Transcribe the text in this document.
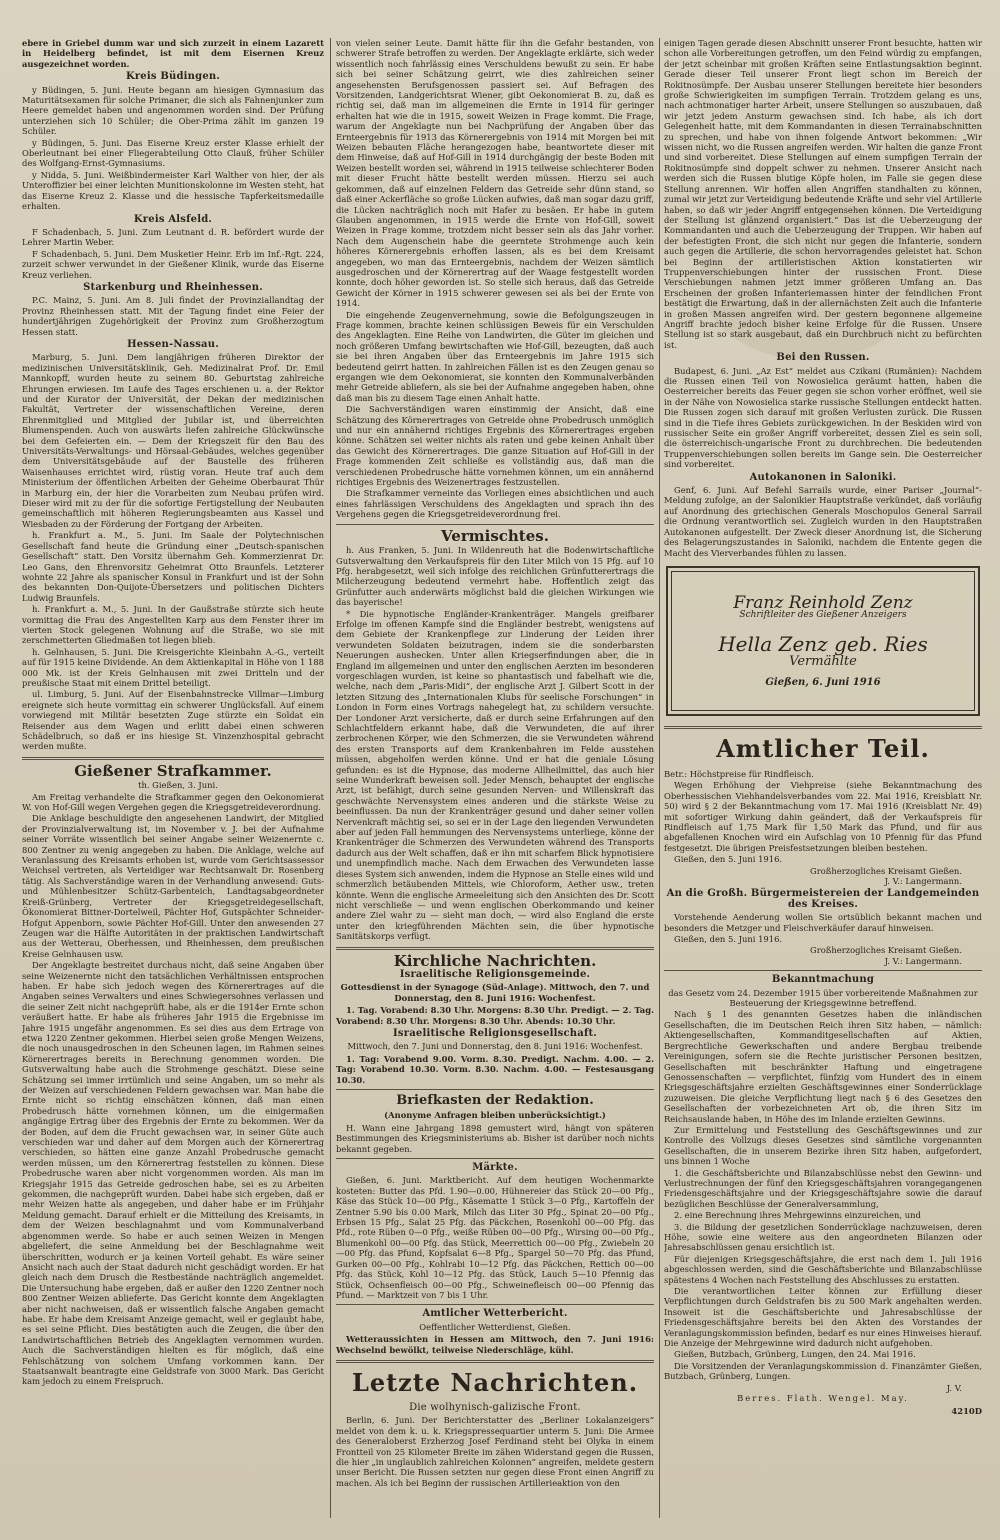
ebere in Griebel dumm war und sich zurzeit in einem Lazarett in Heidelberg befindet, ist mit dem Eisernen Kreuz ausgezeichnet worden.

Kreis Büdingen.

y Büdingen, 5. Juni. Heute begann am hiesigen Gymnasium das Maturitätsexamen für solche Primaner, die sich als Fahnenjunker zum Heere gemeldet haben und angenommen worden sind. Der Prüfung unterziehen sich 10 Schüler; die Ober-Prima zählt im ganzen 19 Schüler.

y Büdingen, 5. Juni. Das Eiserne Kreuz erster Klasse erhielt der Oberleutnant bei einer Fliegerabteilung Otto Clauß, früher Schüler des Wolfgang-Ernst-Gymnasiums.

y Nidda, 5. Juni. Weißbindermeister Karl Walther von hier, der als Unteroffizier bei einer leichten Munitionskolonne im Westen steht, hat das Eiserne Kreuz 2. Klasse und die hessische Tapferkeitsmedaille erhalten.

Kreis Alsfeld.

F Schadenbach, 5. Juni. Zum Leutnant d. R. befördert wurde der Lehrer Martin Weber.

F Schadenbach, 5. Juni. Dem Musketier Heinr. Erb im Inf.-Rgt. 224, zurzeit schwer verwundet in der Gießener Klinik, wurde das Eiserne Kreuz verliehen.

Starkenburg und Rheinhessen.

P.C. Mainz, 5. Juni. Am 8. Juli findet der Provinziallandtag der Provinz Rheinhessen statt. Mit der Tagung findet eine Feier der hundertjährigen Zugehörigkeit der Provinz zum Großherzogtum Hessen statt.

Hessen-Nassau.

Marburg, 5. Juni. Dem langjährigen früheren Direktor der medizinischen Universitätsklinik, Geh. Medizinalrat Prof. Dr. Emil Mannkopff, wurden heute zu seinem 80. Geburtstag zahlreiche Ehrungen erwiesen. Im Laufe des Tages erschienen u. a. der Rektor und der Kurator der Universität, der Dekan der medizinischen Fakultät, Vertreter der wissenschaftlichen Vereine, deren Ehrenmitglied und Mitglied der Jubilar ist, und überreichten Blumenspenden. Auch von auswärts liefen zahlreiche Glückwünsche bei dem Gefeierten ein. — Dem der Kriegszeit für den Bau des Universitäts-Verwaltungs- und Hörsaal-Gebäudes, welches gegenüber dem Universitätsgebäude auf der Baustelle des früheren Waisenhauses errichtet wird, rüstig voran. Heute traf auch dem Ministerium der öffentlichen Arbeiten der Geheime Oberbaurat Thür in Marburg ein, der hier die Vorarbeiten zum Neubau prüfen wird. Dieser wird mit zu der für die sofortige Fertigstellung der Neubauten gemeinschaftlich mit höheren Regierungsbeamten aus Kassel und Wiesbaden zu der Förderung der Fortgang der Arbeiten.

h. Frankfurt a. M., 5. Juni. Im Saale der Polytechnischen Gesellschaft fand heute die Gründung einer „Deutsch-spanischen Gesellschaft“ statt. Den Vorsitz übernahm Geh. Kommerzienrat Dr. Leo Gans, den Ehrenvorsitz Geheimrat Otto Braunfels. Letzterer wohnte 22 Jahre als spanischer Konsul in Frankfurt und ist der Sohn des bekannten Don-Quijote-Übersetzers und politischen Dichters Ludwig Braunfels.

h. Frankfurt a. M., 5. Juni. In der Gaußstraße stürzte sich heute vormittag die Frau des Angestellten Karp aus dem Fenster ihrer im vierten Stock gelegenen Wohnung auf die Straße, wo sie mit zerschmetterten Gliedmaßen tot liegen blieb.

h. Gelnhausen, 5. Juni. Die Kreisgerichte Kleinbahn A.-G., verteilt auf für 1915 keine Dividende. An dem Aktienkapital in Höhe von 1 188 000 Mk. ist der Kreis Gelnhausen mit zwei Dritteln und der preußische Staat mit einem Drittel beteiligt.

ul. Limburg, 5. Juni. Auf der Eisenbahnstrecke Villmar—Limburg ereignete sich heute vormittag ein schwerer Unglücksfall. Auf einem vorwiegend mit Militär besetzten Zuge stürzte ein Soldat ein Reisender aus dem Wagen und erlitt dabei einen schweren Schädelbruch, so daß er ins hiesige St. Vinzenzhospital gebracht werden mußte.

Gießener Strafkammer.

th. Gießen, 3. Juni.

Am Freitag verhandelte die Strafkammer gegen den Oekonomierat W. von Hof-Gill wegen Vergehen gegen die Kriegsgetreideverordnung.

Die Anklage beschuldigte den angesehenen Landwirt, der Mitglied der Provinzialverwaltung ist, im November v. J. bei der Aufnahme seiner Vorräte wissentlich bei seiner Angabe seiner Weizenernte c. 800 Zentner zu wenig angegeben zu haben. Die Anklage, welche auf Veranlassung des Kreisamts erhoben ist, wurde vom Gerichtsassessor Weichsel vertreten, als Verteidiger war Rechtsanwalt Dr. Rosenberg tätig. Als Sachverständige waren in der Verhandlung anwesend: Guts- und Mühlenbesitzer Schütz-Garbenteich, Landtagsabgeordneter Kreiß-Grünberg, Vertreter der Kriegsgetreidegesellschaft, Ökonomierat Bittner-Dortelweil, Pächter Hof, Gutspächter Schneider-Hofgut Appenborn, sowie Pächter Hof-Gill. Unter den anwesenden 27 Zeugen war die Hälfte Autoritäten in der praktischen Landwirtschaft aus der Wetterau, Oberhessen, und Rheinhessen, dem preußischen Kreise Gelnhausen usw.

Der Angeklagte bestreitet durchaus nicht, daß seine Angaben über seine Weizenernte nicht den tatsächlichen Verhältnissen entsprochen haben. Er habe sich jedoch wegen des Körnerertrages auf die Angaben seines Verwalters und eines Schwiegersohnes verlassen und die seiner Zeit nicht nachgeprüft habe, als er die 1914er Ernte schon veräußert hatte. Er habe als früheres Jahr 1915 die Ergebnisse im Jahre 1915 ungefähr angenommen. Es sei dies aus dem Ertrage von etwa 1220 Zentner gekommen. Hierbei seien große Mengen Weizens, die noch unausgedroschen in den Scheunen lagen, im Rahmen seines Körnerertrages bereits in Berechnung genommen worden. Die Gutsverwaltung habe auch die Strohmenge geschätzt. Diese seine Schätzung sei immer irrtümlich und seine Angaben, um so mehr als der Weizen auf verschiedenen Feldern gewachsen war. Man habe die Ernte nicht so richtig einschätzen können, daß man einen Probedrusch hätte vornehmen können, um die einigermaßen angängige Ertrag über des Ergebnis der Ernte zu bekommen. Wer da der Boden, auf dem die Frucht gewachsen war, in seiner Güte auch verschieden war und daher auf dem Morgen auch der Körnerertrag verschieden, so hätten eine ganze Anzahl Probedrusche gemacht werden müssen, um den Körnerertrag feststellen zu können. Diese Probedrusche waren aber nicht vorgenommen worden. Als man im Kriegsjahr 1915 das Getreide gedroschen habe, sei es zu Arbeiten gekommen, die nachgeprüft wurden. Dabei habe sich ergeben, daß er mehr Weizen hatte als angegeben, und daher habe er im Frühjahr Meldung gemacht. Darauf erhielt er die Mitteilung des Kreisamts, in dem der Weizen beschlagnahmt und vom Kommunalverband abgenommen werde. So habe er auch seinen Weizen in Mengen abgeliefert, die seine Anmeldung bei der Beschlagnahme weit überschritten, wodurch er ja keinen Vorteil gehabt. Es wäre seiner Ansicht nach auch der Staat dadurch nicht geschädigt worden. Er hat gleich nach dem Drusch die Restbestände nachträglich angemeldet. Die Untersuchung habe ergeben, daß er außer den 1220 Zentner noch 800 Zentner Weizen ablieferte. Das Gericht konnte dem Angeklagten aber nicht nachweisen, daß er wissentlich falsche Angaben gemacht habe. Er habe dem Kreisamt Anzeige gemacht, weil er geglaubt habe, es sei seine Pflicht. Dies bestätigten auch die Zeugen, die über den Landwirtschaftlichen Betrieb des Angeklagten vernommen wurden. Auch die Sachverständigen hielten es für möglich, daß eine Fehlschätzung von solchem Umfang vorkommen kann. Der Staatsanwalt beantragte eine Geldstrafe von 3000 Mark. Das Gericht kam jedoch zu einem Freispruch.

von vielen seiner Leute. Damit hätte für ihn die Gefahr bestanden, von schwerer Strafe betroffen zu werden. Der Angeklagte erklärte, sich weder wissentlich noch fahrlässig eines Verschuldens bewußt zu sein. Er habe sich bei seiner Schätzung geirrt, wie dies zahlreichen seiner angesehensten Berufsgenossen passiert sei. Auf Befragen des Vorsitzenden, Landgerichtsrat Wiener, gibt Oekonomierat B. zu, daß es richtig sei, daß man im allgemeinen die Ernte in 1914 für geringer erhalten hat wie die in 1915, soweit Weizen in Frage kommt. Die Frage, warum der Angeklagte nun bei Nachprüfung der Angaben über das Ernteergebnis für 1913 das Körnerergebnis von 1914 mit Morgen bei mit Weizen bebauten Fläche herangezogen habe, beantwortete dieser mit dem Hinweise, daß auf Hof-Gill in 1914 durchgängig der beste Boden mit Weizen bestellt worden sei, während in 1915 teilweise schlechterer Boden mit dieser Frucht hätte bestellt werden müssen. Hierzu sei auch gekommen, daß auf einzelnen Feldern das Getreide sehr dünn stand, so daß einer Ackerfläche so große Lücken aufwies, daß man sogar dazu griff, die Lücken nachträglich noch mit Hafer zu besäen. Er habe in gutem Glauben angenommen, in 1915 werde die Ernte von Hof-Gill, soweit Weizen in Frage komme, trotzdem nicht besser sein als das Jahr vorher. Nach dem Augenschein habe die geerntete Strohmenge auch kein höheres Körnerergebnis erhoffen lassen, als es bei dem Kreisamt angegeben, wo man das Ernteergebnis, nachdem der Weizen sämtlich ausgedroschen und der Körnerertrag auf der Waage festgestellt worden konnte, doch höher geworden ist. So stelle sich heraus, daß das Getreide Gewicht der Körner in 1915 schwerer gewesen sei als bei der Ernte von 1914.

Die eingehende Zeugenvernehmung, sowie die Befolgungszeugen in Frage kommen, brachte keinen schlüssigen Beweis für ein Verschulden des Angeklagten. Eine Reihe von Landwirten, die Güter im gleichen und noch größeren Umfang bewirtschaften wie Hof-Gill, bezeugten, daß auch sie bei ihren Angaben über das Ernteergebnis im Jahre 1915 sich bedeutend geirrt hatten. In zahlreichen Fällen ist es den Zeugen genau so ergangen wie dem Oekonomierat, sie konnten den Kommunalverbänden mehr Getreide abliefern, als sie bei der Aufnahme angegeben haben, ohne daß man bis zu diesem Tage einen Anhalt hatte.

Die Sachverständigen waren einstimmig der Ansicht, daß eine Schätzung des Körnerertrages von Getreide ohne Probedrusch unmöglich und nur ein annähernd richtiges Ergebnis des Körnerertrages ergeben könne. Schätzen sei weiter nichts als raten und gebe keinen Anhalt über das Gewicht des Körnerertrages. Die ganze Situation auf Hof-Gill in der Frage kommenden Zeit schließe es vollständig aus, daß man die verschiedenen Probedrusche hätte vornehmen können, um ein annähernd richtiges Ergebnis des Weizenertrages festzustellen.

Die Strafkammer verneinte das Vorliegen eines absichtlichen und auch eines fahrlässigen Verschuldens des Angeklagten und sprach ihn des Vergehens gegen die Kriegsgetreideverordnung frei.

Vermischtes.

h. Aus Franken, 5. Juni. In Wildenreuth hat die Bodenwirtschaftliche Gutsverwaltung den Verkaufspreis für den Liter Milch von 15 Pfg. auf 10 Pfg. herabgesetzt, weil sich infolge des reichlichen Grünfutterertrags die Milcherzeugung bedeutend vermehrt habe. Hoffentlich zeigt das Grünfutter auch anderwärts möglichst bald die gleichen Wirkungen wie das bayerische!

* Die hypnotische Engländer-Krankenträger. Mangels greifbarer Erfolge im offenen Kampfe sind die Engländer bestrebt, wenigstens auf dem Gebiete der Krankenpflege zur Linderung der Leiden ihrer verwundeten Soldaten beizutragen, indem sie die sonderbarsten Neuerungen aushecken. Unter allen Kriegserfindungen aber, die in England im allgemeinen und unter den englischen Aerzten im besonderen vorgeschlagen wurden, ist keine so phantastisch und fabelhaft wie die, welche, nach dem „Paris-Midi“, der englische Arzt J. Gilbert Scott in der letzten Sitzung des „Internationalen Klubs für seelische Forschungen“ in London in Form eines Vortrags nahegelegt hat, zu schildern versuchte. Der Londoner Arzt versicherte, daß er durch seine Erfahrungen auf den Schlachtfeldern erkannt habe, daß die Verwundeten, die auf ihrer zerbrochenen Körper, wie den Schmerzen, die sie Verwundeten während des ersten Transports auf dem Krankenbahren im Felde ausstehen müssen, abgeholfen werden könne. Und er hat die geniale Lösung gefunden: es ist die Hypnose, das moderne Allheilmittel, das auch hier seine Wunderkraft beweisen soll. Jeder Mensch, behauptet der englische Arzt, ist befähigt, durch seine gesunden Nerven- und Willenskraft das geschwächte Nervensystem eines anderen und die stärkste Weise zu beeinflussen. Da nun der Krankenträger gesund und daher seiner vollen Nervenkraft mächtig sei, so sei er in der Lage den liegenden Verwundeten aber auf jeden Fall hemmungen des Nervensystems unterliege, könne der Krankenträger die Schmerzen des Verwundeten während des Transports dadurch aus der Welt schaffen, daß er ihn mit scharfem Blick hypnotisiere und unempfindlich mache. Nach dem Erwachen des Verwundeten lasse dieses System sich anwenden, indem die Hypnose an Stelle eines wild und schmerzlich betäubenden Mittels, wie Chloroform, Aether usw., treten könnte. Wenn die englische Armeeleitung sich den Ansichten des Dr. Scott nicht verschließe — und wenn englischen Oberkommando und keiner andere Ziel wahr zu — sieht man doch, — wird also England die erste unter den kriegführenden Mächten sein, die über hypnotische Sanitätskorps verfügt.

Kirchliche Nachrichten.
Israelitische Religionsgemeinde.

Gottesdienst in der Synagoge (Süd-Anlage). Mittwoch, den 7. und Donnerstag, den 8. Juni 1916: Wochenfest.

1. Tag. Vorabend: 8.30 Uhr. Morgens: 8.30 Uhr. Predigt. — 2. Tag. Vorabend: 8.30 Uhr. Morgens: 8.30 Uhr. Abends: 10.30 Uhr.

Israelitische Religionsgesellschaft.

Mittwoch, den 7. Juni und Donnerstag, den 8. Juni 1916: Wochenfest.

1. Tag: Vorabend 9.00. Vorm. 8.30. Predigt. Nachm. 4.00. — 2. Tag: Vorabend 10.30. Vorm. 8.30. Nachm. 4.00. — Festesausgang 10.30.

Briefkasten der Redaktion.

(Anonyme Anfragen bleiben unberücksichtigt.)

H. Wann eine Jahrgang 1898 gemustert wird, hängt von späteren Bestimmungen des Kriegsministeriums ab. Bisher ist darüber noch nichts bekannt gegeben.

Märkte.

Gießen, 6. Juni. Marktbericht. Auf dem heutigen Wochenmarkte kosteten: Butter das Pfd. 1.90—0.00, Hühnereier das Stück 20—00 Pfg., Käse das Stück 10—00 Pfg., Käsematte 1 Stück 3—0 Pfg., Kartoffeln der Zentner 5.90 bis 0.00 Mark, Milch das Liter 30 Pfg., Spinat 20—00 Pfg., Erbsen 15 Pfg., Salat 25 Pfg. das Päckchen, Rosenkohl 00—00 Pfg. das Pfd., rote Rüben 0—0 Pfg., weiße Rüben 00—00 Pfg., Wirsing 00—00 Pfg., Blumenkohl 00—00 Pfg. das Stück, Meerrettich 00—00 Pfg., Zwiebeln 20—00 Pfg. das Pfund, Kopfsalat 6—8 Pfg., Spargel 50—70 Pfg. das Pfund, Gurken 00—00 Pfg., Kohlrabi 10—12 Pfg. das Päckchen, Rettich 00—00 Pfg. das Stück, Kohl 10—12 Pfg. das Stück, Lauch 5—10 Pfennig das Stück, Ochsenfleisch 00—00 Pfg., Schweinefleisch 00—00 Pfennig das Pfund. — Marktzeit von 7 bis 1 Uhr.

Amtlicher Wetterbericht.

Oeffentlicher Wetterdienst, Gießen.

Wetteraussichten in Hessen am Mittwoch, den 7. Juni 1916: Wechselnd bewölkt, teilweise Niederschläge, kühl.

Letzte Nachrichten.
Die wolhynisch-galizische Front.

Berlin, 6. Juni. Der Berichterstatter des „Berliner Lokalanzeigers“ meldet von dem k. u. k. Kriegspressequartier unterm 5. Juni: Die Armee des Generaloberst Erzherzog Josef Ferdinand steht bei Olyka in einem Frontteil von 25 Kilometer Breite im zähen Widerstand gegen die Russen, die hier „in unglaublich zahlreichen Kolonnen“ angreifen, meldete gestern unser Bericht. Die Russen setzten nur gegen diese Front einen Angriff zu machen. Als ich bei Beginn der russischen Artillerieaktion von den

einigen Tagen gerade diesen Abschnitt unserer Front besuchte, hatten wir schon alle Vorbereitungen getroffen, um den Feind würdig zu empfangen, der jetzt scheinbar mit großen Kräften seine Entlastungsaktion beginnt. Gerade dieser Teil unserer Front liegt schon im Bereich der Rokitnosümpfe. Der Ausbau unserer Stellungen bereitete hier besonders große Schwierigkeiten im sumpfigen Terrain. Trotzdem gelang es uns, nach achtmonatiger harter Arbeit, unsere Stellungen so auszubauen, daß wir jetzt jedem Ansturm gewachsen sind. Ich habe, als ich dort Gelegenheit hatte, mit dem Kommandanten in diesen Terrainabschnitten zu sprechen, und habe von ihnen folgende Antwort bekommen: „Wir wissen nicht, wo die Russen angreifen werden. Wir halten die ganze Front und sind vorbereitet. Diese Stellungen auf einem sumpfigen Terrain der Rokitnosümpfe sind doppelt schwer zu nehmen. Unserer Ansicht nach werden sich die Russen blutige Köpfe holen, im Falle sie gegen diese Stellung anrennen. Wir hoffen allen Angriffen standhalten zu können, zumal wir jetzt zur Verteidigung bedeutende Kräfte und sehr viel Artillerie haben, so daß wir jeder Angriff entgegensehen können. Die Verteidigung der Stellung ist glänzend organisiert.“ Das ist die Ueberzeugung der Kommandanten und auch die Ueberzeugung der Truppen. Wir haben auf der befestigten Front, die sich nicht nur gegen die Infanterie, sondern auch gegen die Artillerie, die schon hervorragendes geleistet hat. Schon bei Beginn der artilleristischen Aktion konstatierten wir Truppenverschiebungen hinter der russischen Front. Diese Verschiebungen nahmen jetzt immer größeren Umfang an. Das Erscheinen der großen Infanteriemassen hinter der feindlichen Front bestätigt die Erwartung, daß in der allernächsten Zeit auch die Infanterie in großen Massen angreifen wird. Der gestern begonnene allgemeine Angriff brachte jedoch bisher keine Erfolge für die Russen. Unsere Stellung ist so stark ausgebaut, daß ein Durchbruch nicht zu befürchten ist.

Bei den Russen.

Budapest, 6. Juni. „Az Est“ meldet aus Czikani (Rumänien): Nachdem die Russen einen Teil von Nowosielica geräumt hatten, haben die Oesterreicher bereits das Feuer gegen sie schon vorher eröffnet, weil sie in der Nähe von Nowosielica starke russische Stellungen entdeckt hatten. Die Russen zogen sich darauf mit großen Verlusten zurück. Die Russen sind in die Tiefe ihres Gebiets zurückgewichen. In der Beskiden wird von russischer Seite ein großer Angriff vorbereitet, dessen Ziel es sein soll, die österreichisch-ungarische Front zu durchbrechen. Die bedeutenden Truppenverschiebungen sollen bereits im Gange sein. Die Oesterreicher sind vorbereitet.

Autokanonen in Saloniki.

Genf, 6. Juni. Auf Befehl Sarrails wurde, einer Pariser „Journal“-Meldung zufolge, an der Salonikier Hauptstraße verkündet, daß vorläufig auf Anordnung des griechischen Generals Moschopulos General Sarrail die Ordnung verantwortlich sei. Zugleich wurden in den Hauptstraßen Autokanonen aufgestellt. Der Zweck dieser Anordnung ist, die Sicherung des Belagerungszustandes in Saloniki, nachdem die Entente gegen die Macht des Vierverbandes fühlen zu lassen.

Franz Reinhold Zenz

Schriftleiter des Gießener Anzeigers

Hella Zenz geb. Ries

Vermählte

Gießen, 6. Juni 1916

Amtlicher Teil.

Betr.: Höchstpreise für Rindfleisch.

Wegen Erhöhung der Viehpreise (siehe Bekanntmachung des Oberhessischen Viehhandelsverbandes vom 22. Mai 1916, Kreisblatt Nr. 50) wird § 2 der Bekanntmachung vom 17. Mai 1916 (Kreisblatt Nr. 49) mit sofortiger Wirkung dahin geändert, daß der Verkaufspreis für Rindfleisch auf 1,75 Mark für 1,50 Mark das Pfund, und für aus abgefallenen Knochen wird ein Aufschlag von 10 Pfennig für das Pfund festgesetzt. Die übrigen Preisfestsetzungen bleiben bestehen.

Gießen, den 5. Juni 1916.

Großherzogliches Kreisamt Gießen.

J. V.: Langermann.

An die Großh. Bürgermeistereien der Landgemeinden des Kreises.

Vorstehende Aenderung wollen Sie ortsüblich bekannt machen und besonders die Metzger und Fleischverkäufer darauf hinweisen.

Gießen, den 5. Juni 1916.

Großherzogliches Kreisamt Gießen.

J. V.: Langermann.

Bekanntmachung

das Gesetz vom 24. Dezember 1915 über vorbereitende Maßnahmen zur Besteuerung der Kriegsgewinne betreffend.

Nach § 1 des genannten Gesetzes haben die inländischen Gesellschaften, die im Deutschen Reich ihren Sitz haben, — nämlich: Aktiengesellschaften, Kommanditgesellschaften auf Aktien, Bergrechtliche Gewerkschaften und andere Bergbau treibende Vereinigungen, sofern sie die Rechte juristischer Personen besitzen, Gesellschaften mit beschränkter Haftung und eingetragene Genossenschaften — verpflichtet, fünfzig vom Hundert des in einem Kriegsgeschäftsjahre erzielten Geschäftsgewinnes einer Sonderrücklage zuzuweisen. Die gleiche Verpflichtung liegt nach § 6 des Gesetzes den Gesellschaften der vorbezeichneten Art ob, die ihren Sitz im Reichsauslande haben, in Höhe des im Inlande erzielten Gewinns.

Zur Ermittelung und Feststellung des Geschäftsgewinnes und zur Kontrolle des Vollzugs dieses Gesetzes sind sämtliche vorgenannten Gesellschaften, die in unserem Bezirke ihren Sitz haben, aufgefordert, uns binnen 1 Woche

1. die Geschäftsberichte und Bilanzabschlüsse nebst den Gewinn- und Verlustrechnungen der fünf den Kriegsgeschäftsjahren vorangegangenen Friedensgeschäftsjahre und der Kriegsgeschäftsjahre sowie die darauf bezüglichen Beschlüsse der Generalversammlung,

2. eine Berechnung ihres Mehrgewinns einzureichen, und

3. die Bildung der gesetzlichen Sonderrücklage nachzuweisen, deren Höhe, sowie eine weitere aus den angeordneten Bilanzen oder Jahresabschlüssen genau ersichtlich ist.

Für diejenigen Kriegsgeschäftsjahre, die erst nach dem 1. Juli 1916 abgeschlossen werden, sind die Geschäftsberichte und Bilanzabschlüsse spätestens 4 Wochen nach Feststellung des Abschlusses zu erstatten.

Die verantwortlichen Leiter können zur Erfüllung dieser Verpflichtungen durch Geldstrafen bis zu 500 Mark angehalten werden. Insoweit ist die Geschäftsberichte und Jahresabschlüsse der Friedensgeschäftsjahre bereits bei den Akten des Vorstandes der Veranlagungskommission befinden, bedarf es nur eines Hinweises hierauf. Die Anzeige der Mehrgewinne wird dadurch nicht aufgehoben.

Gießen, Butzbach, Grünberg, Lungen, den 24. Mai 1916.

Die Vorsitzenden der Veranlagungskommission d. Finanzämter Gießen, Butzbach, Grünberg, Lungen.

J. V.

Berres. Flath. Wengel. May.

4210D
